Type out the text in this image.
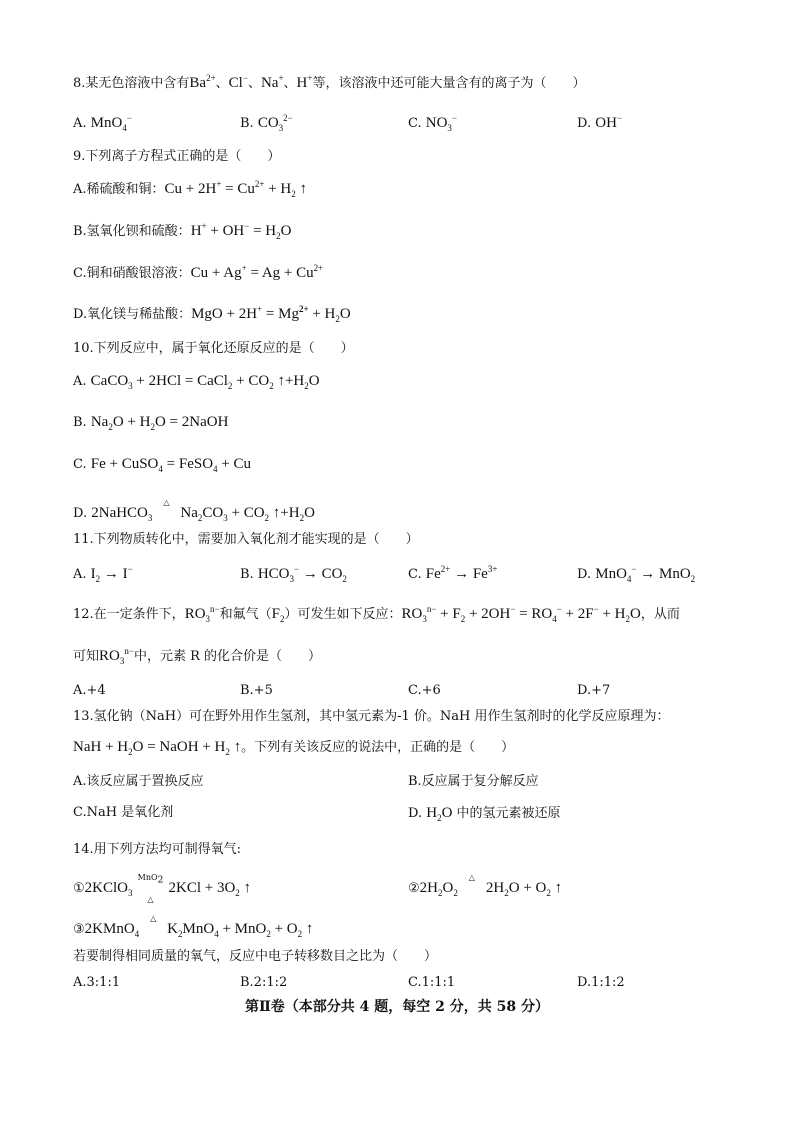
8.某无色溶液中含有$Ba^{2+}$、Cl−、Na+、H+等，该溶液中还可能大量含有的离子为（　　）
A. MnO$_4$−	B. $CO_3^{2-}$	C. $NO_3^-$	D. OH−
9.下列离子方程式正确的是（　　）
A.稀硫酸和铜：$Cu + 2H^+ = Cu^{2+} + H_2$ ↑
B.氢氧化钡和硫酸：$H^+ + OH^- = H_2O$
C.铜和硝酸银溶液：$Cu + Ag^+ = Ag + Cu^{2+}$
D.氧化镁与稀盐酸：MgO + $2H^+ = Mg^{2+} + H_2O$
10.下列反应中，属于氧化还原反应的是（　　）
A. CaCO$_3$ + 2HCl = CaCl$_2$ + $CO_2$ $↑+H_2O$
B. $Na_2O + H_2O$ = 2NaOH
C. Fe + CuSO$_4$ = FeSO$_4$ + Cu
D. 2NaHCO$_3$
△

$Na_2CO_3 + CO_2$ $↑+H_2O$
11.下列物质转化中，需要加入氧化剂才能实现的是（　　）
A. $I_2 \to I^-$	B. $HCO_3^- \to CO_2$	C. $Fe^{2+} \to Fe^{3+}$	D. MnO$_4$− → MnO$_2$
12.在一定条件下，$RO_3^{n-}$和氟气$(F_2)$可发生如下反应：$RO_3^{n-} + F_2 + 2OH^- = RO_4^- + 2F^- + H_2O$，从而
可知$RO_3^{n-}$中，元素 R 的化合价是（　　）
A.+4	B.+5	C.+6	D.+7
13.氢化钠（NaH）可在野外用作生氢剂，其中氢元素为-1 价。NaH 用作生氢剂时的化学反应原理为：
NaH + $H_2O$ = NaOH + $H_2$ ↑。下列有关该反应的说法中，正确的是（　　）
A.该反应属于置换反应	B.反应属于复分解反应
C.NaH 是氧化剂	D. $H_2O$ 中的氢元素被还原
14.用下列方法均可制得氧气:
①2KClO$_3$
MnO$_2$
△
$2KCl + 3O_2$ ↑	$②2H_2O_2$
△

$2H_2O + O_2$ ↑
③2KMnO$_4$
△

$K_2MnO_4 + MnO_2 + O_2$ ↑
若要制得相同质量的氧气，反应中电子转移数目之比为（　　）
A.3:1:1	B.2:1:2	C.1:1:1	D.1:1:2
第Ⅱ卷（本部分共 4 题，每空 2 分，共 58 分）
